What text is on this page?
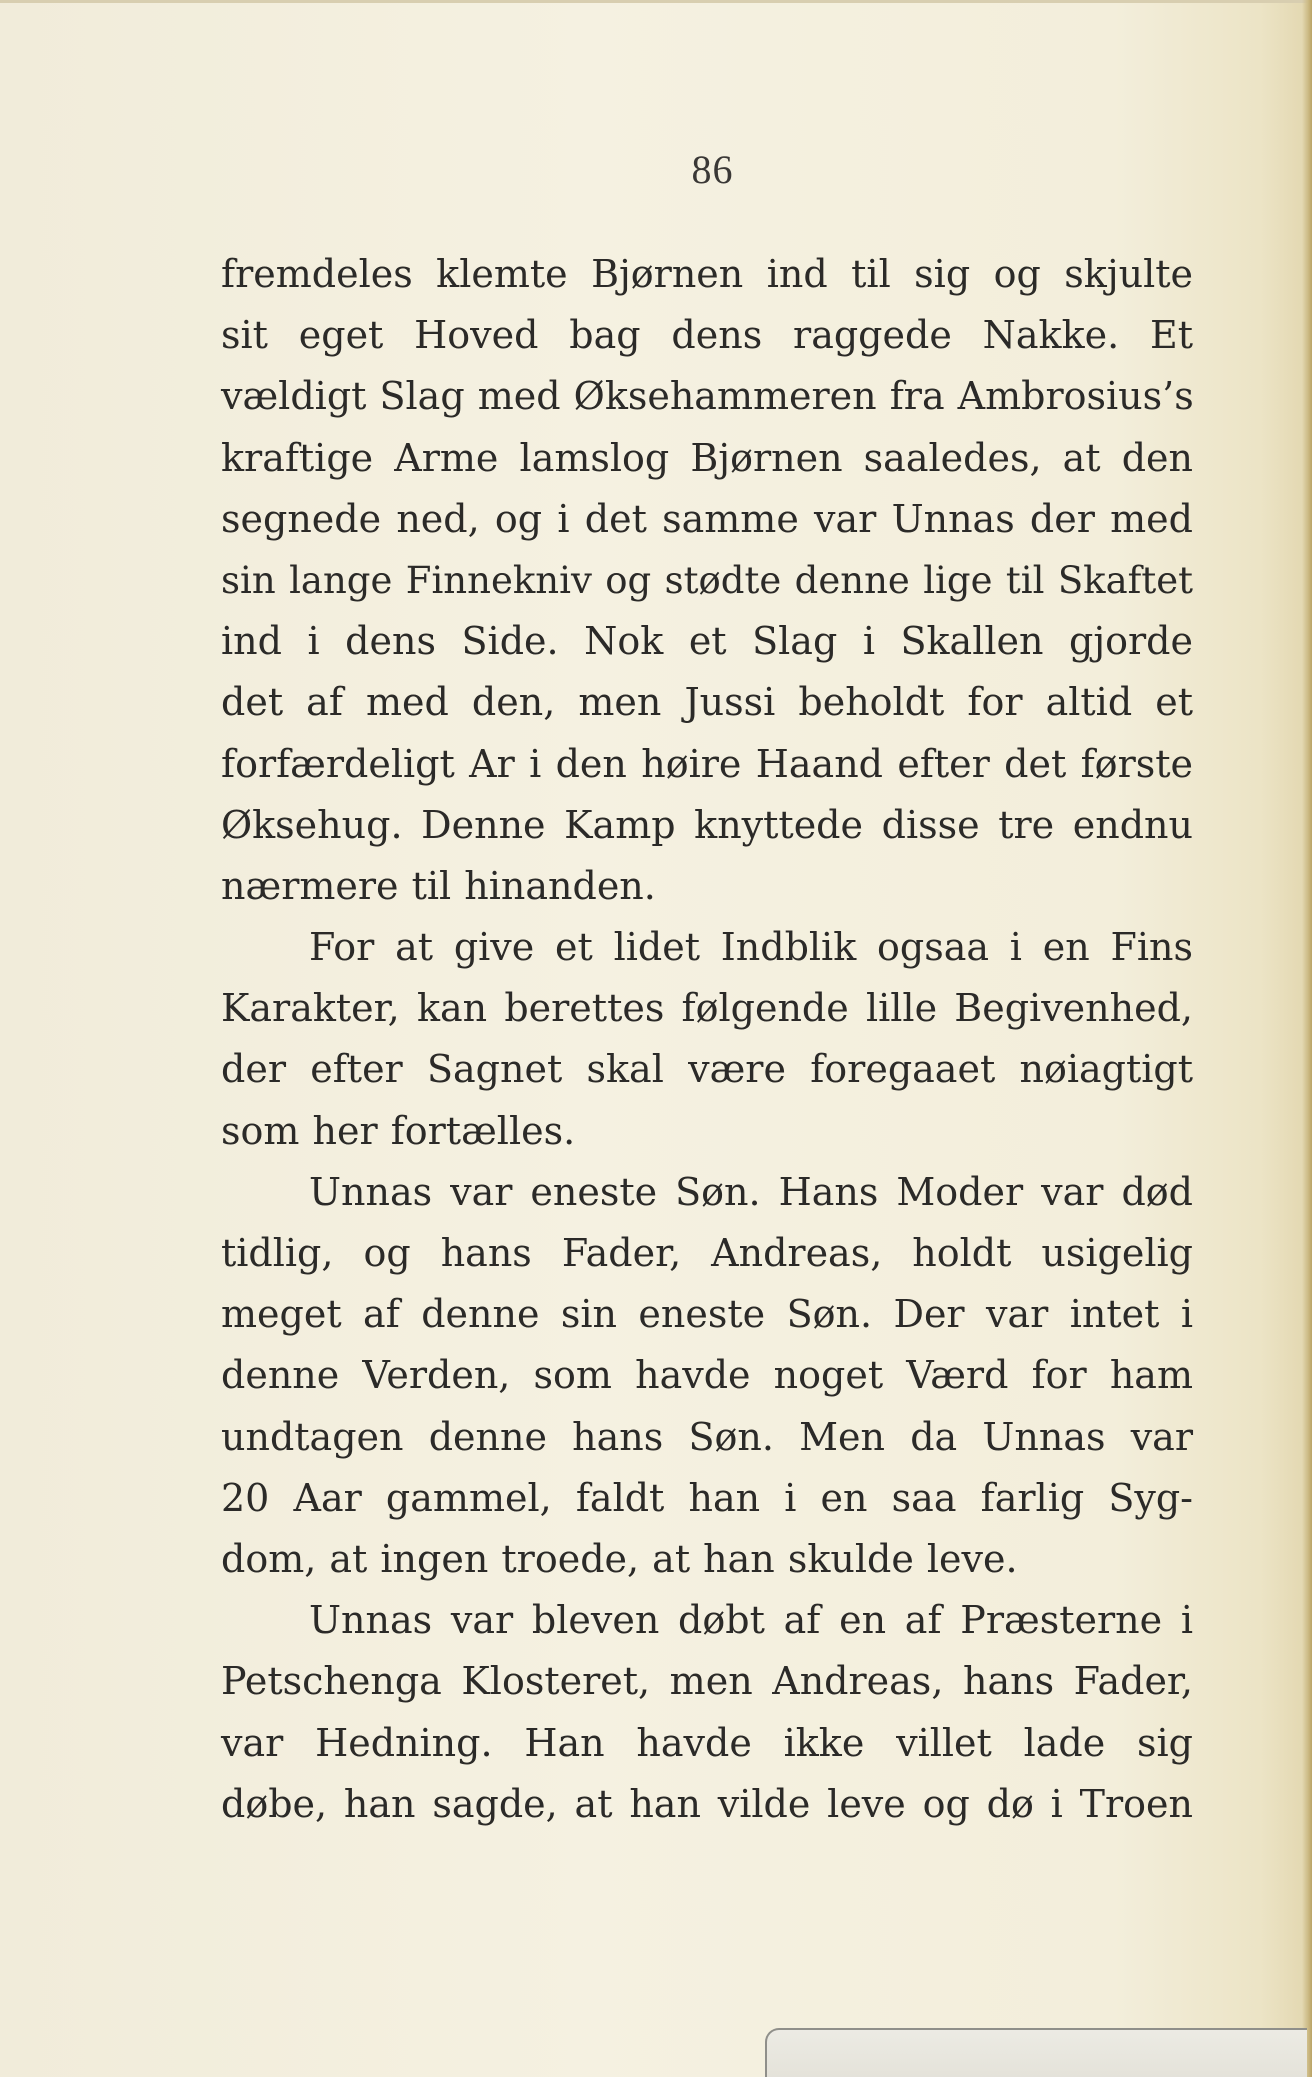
86
fremdeles klemte Bjørnen ind til sig og skjulte
sit eget Hoved bag dens raggede Nakke. Et
vældigt Slag med Øksehammeren fra Ambrosius’s
kraftige Arme lamslog Bjørnen saaledes, at den
segnede ned, og i det samme var Unnas der med
sin lange Finnekniv og stødte denne lige til Skaftet
ind i dens Side. Nok et Slag i Skallen gjorde
det af med den, men Jussi beholdt for altid et
forfærdeligt Ar i den høire Haand efter det første
Øksehug. Denne Kamp knyttede disse tre endnu
nærmere til hinanden.
For at give et lidet Indblik ogsaa i en Fins
Karakter, kan berettes følgende lille Begivenhed,
der efter Sagnet skal være foregaaet nøiagtigt
som her fortælles.
Unnas var eneste Søn. Hans Moder var død
tidlig, og hans Fader, Andreas, holdt usigelig
meget af denne sin eneste Søn. Der var intet i
denne Verden, som havde noget Værd for ham
undtagen denne hans Søn. Men da Unnas var
20 Aar gammel, faldt han i en saa farlig Syg-
dom, at ingen troede, at han skulde leve.
Unnas var bleven døbt af en af Præsterne i
Petschenga Klosteret, men Andreas, hans Fader,
var Hedning. Han havde ikke villet lade sig
døbe, han sagde, at han vilde leve og dø i Troen
